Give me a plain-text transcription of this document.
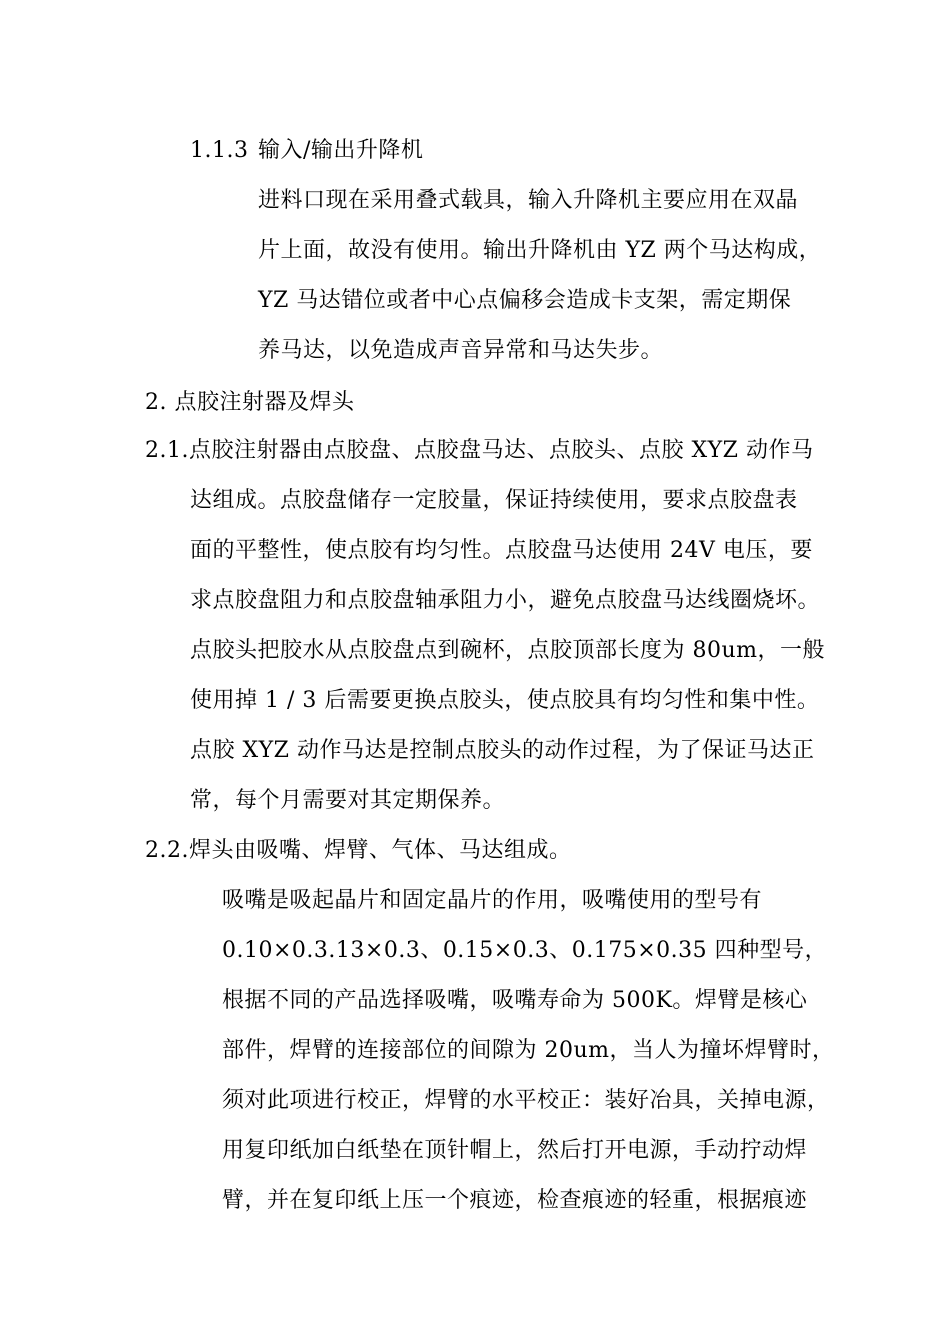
1.1.3 输入/输出升降机
进料口现在采用叠式载具，输入升降机主要应用在双晶
片上面，故没有使用。输出升降机由 YZ 两个马达构成，
YZ 马达错位或者中心点偏移会造成卡支架，需定期保
养马达，以免造成声音异常和马达失步。
2. 点胶注射器及焊头
2.1.点胶注射器由点胶盘、点胶盘马达、点胶头、点胶 XYZ 动作马
达组成。点胶盘储存一定胶量，保证持续使用，要求点胶盘表
面的平整性，使点胶有均匀性。点胶盘马达使用 24V 电压，要
求点胶盘阻力和点胶盘轴承阻力小，避免点胶盘马达线圈烧坏。
点胶头把胶水从点胶盘点到碗杯，点胶顶部长度为 80um，一般
使用掉 1 / 3 后需要更换点胶头，使点胶具有均匀性和集中性。
点胶 XYZ 动作马达是控制点胶头的动作过程，为了保证马达正
常，每个月需要对其定期保养。
2.2.焊头由吸嘴、焊臂、气体、马达组成。
吸嘴是吸起晶片和固定晶片的作用，吸嘴使用的型号有
0.10×0.3.13×0.3、0.15×0.3、0.175×0.35 四种型号，
根据不同的产品选择吸嘴，吸嘴寿命为 500K。焊臂是核心
部件，焊臂的连接部位的间隙为 20um，当人为撞坏焊臂时，
须对此项进行校正，焊臂的水平校正：装好冶具，关掉电源，
用复印纸加白纸垫在顶针帽上，然后打开电源，手动拧动焊
臂，并在复印纸上压一个痕迹，检查痕迹的轻重，根据痕迹
